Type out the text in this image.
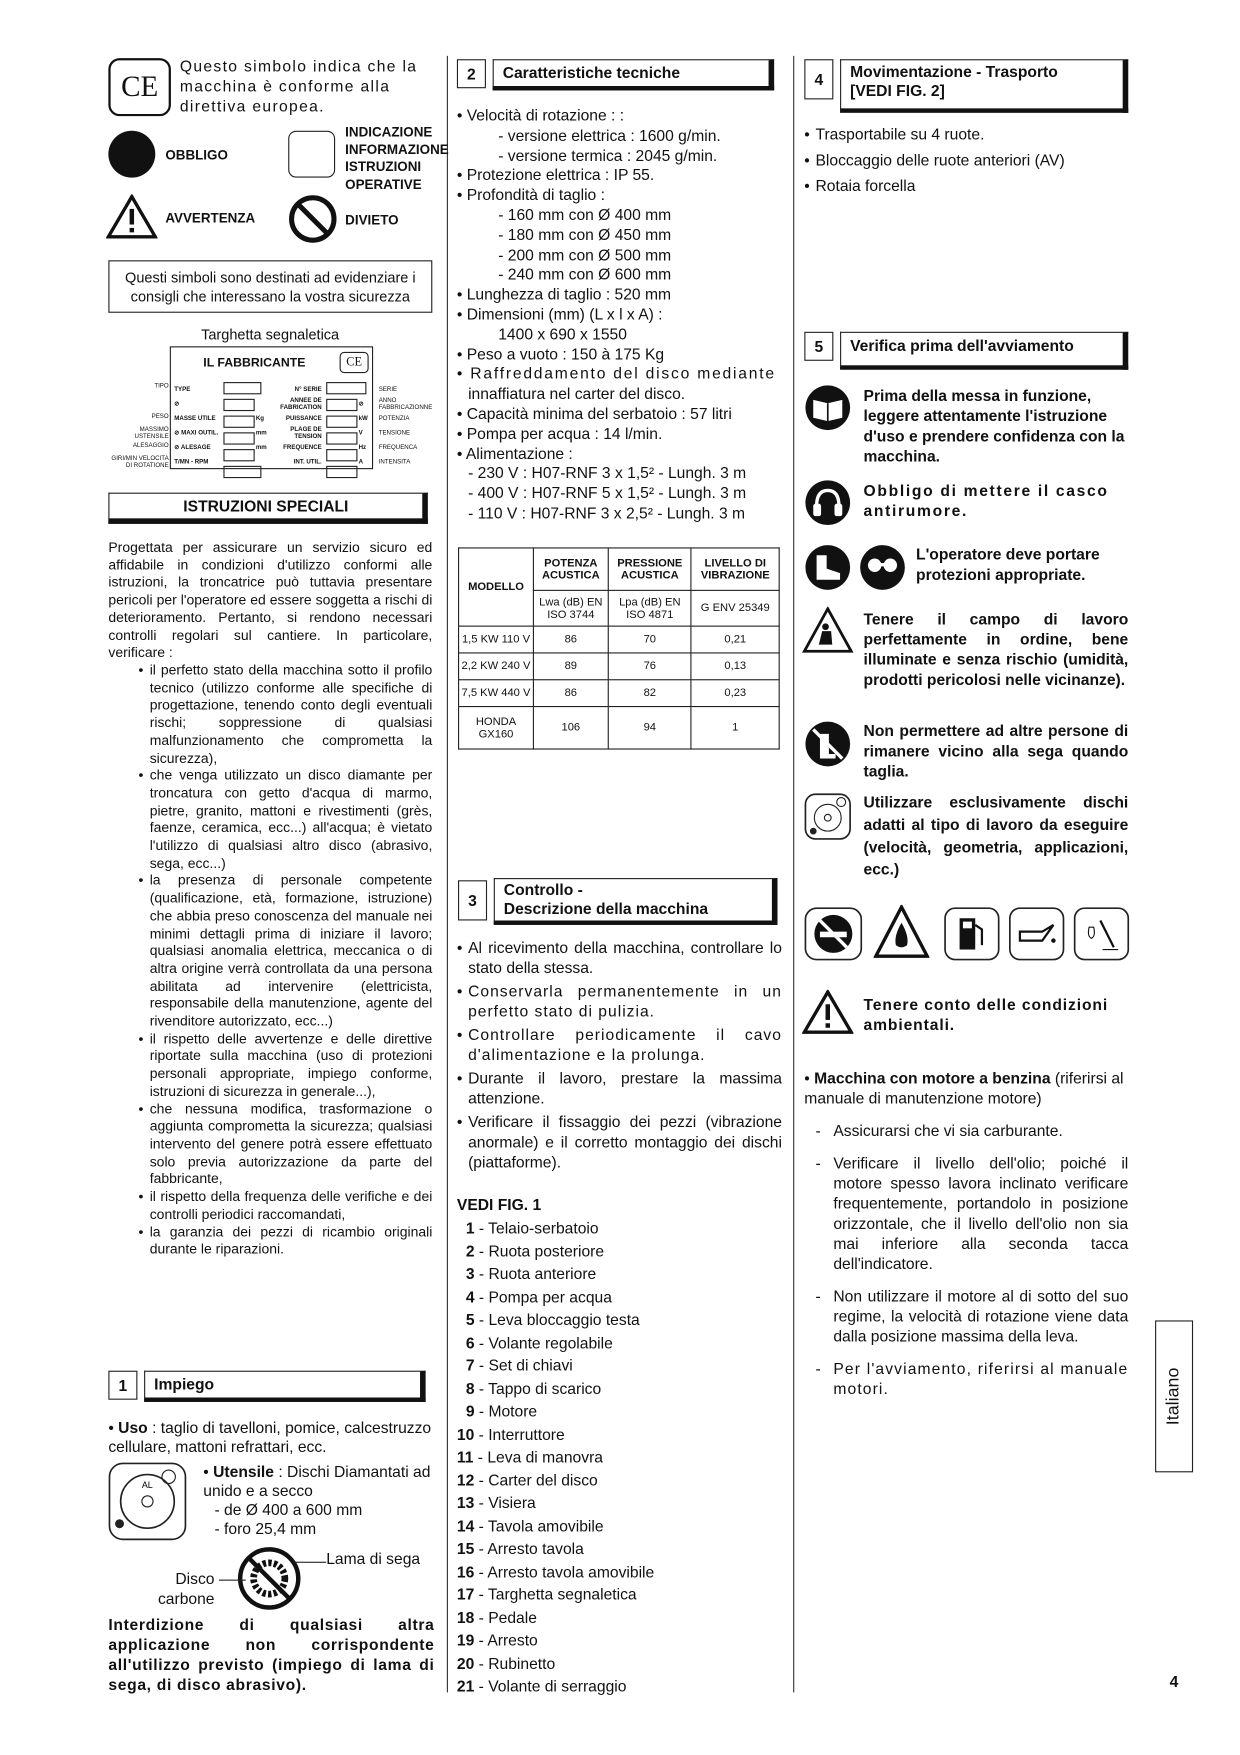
CE

Questo simbolo indica che la macchina è conforme alla direttiva europea.

OBBLIGO
INDICAZIONE
INFORMAZIONE
ISTRUZIONI
OPERATIVE
AVVERTENZA	DIVIETO
Questi simboli sono destinati ad evidenziare i consigli che interessano la vostra sicurezza
Targhetta segnaletica
IL FABBRICANTE	CE
TIPO
PESO
MASSIMO USTENSILE
ALESAGGIO
GIRI/MIN VELOCITA DI ROTATIONE
TYPE
⊘
MASSE UTILE
⊘ MAXI OUTIL.
⊘ ALESAGE
T/MN - RPM
Kg
mm
mm
N° SERIE
ANNEE DE FABRICATION
PUISSANCE
PLAGE DE TENSION
FREQUENCE
INT. UTIL.
⊘
kW
V
Hz
A
SERIE
ANNO FABBRICAZIONNE
POTENZIA
TENSIONE
FREQUENCA
INTENSITA
ISTRUZIONI SPECIALI

Progettata per assicurare un servizio sicuro ed affidabile in condizioni d'utilizzo conformi alle istruzioni, la troncatrice può tuttavia presentare pericoli per l'operatore ed essere soggetta a rischi di deterioramento. Pertanto, si rendono necessari controlli regolari sul cantiere. In particolare, verificare :

• il perfetto stato della macchina sotto il profilo tecnico (utilizzo conforme alle specifiche di progettazione, tenendo conto degli eventuali rischi; soppressione di qualsiasi malfunzionamento che comprometta la sicurezza),
• che venga utilizzato un disco diamante per troncatura con getto d'acqua di marmo, pietre, granito, mattoni e rivestimenti (grès, faenze, ceramica, ecc...) all'acqua; è vietato l'utilizzo di qualsiasi altro disco (abrasivo, sega, ecc...)
• la presenza di personale competente (qualificazione, età, formazione, istruzione) che abbia preso conoscenza del manuale nei minimi dettagli prima di iniziare il lavoro; qualsiasi anomalia elettrica, meccanica o di altra origine verrà controllata da una persona abilitata ad intervenire (elettricista, responsabile della manutenzione, agente del rivenditore autorizzato, ecc...)
• il rispetto delle avvertenze e delle direttive riportate sulla macchina (uso di protezioni personali appropriate, impiego conforme, istruzioni di sicurezza in generale...),
• che nessuna modifica, trasformazione o aggiunta comprometta la sicurezza; qualsiasi intervento del genere potrà essere effettuato solo previa autorizzazione da parte del fabbricante,
• il rispetto della frequenza delle verifiche e dei controlli periodici raccomandati,
• la garanzia dei pezzi di ricambio originali durante le riparazioni.
1	Impiego
• Uso : taglio di tavelloni, pomice, calcestruzzo cellulare, mattoni refrattari, ecc.
AL
• Utensile : Dischi Diamantati ad unido e a secco
- de Ø 400 a 600 mm
- foro 25,4 mm
Lama di sega
Disco carbone

Interdizione di qualsiasi altra applicazione non corrispondente all'utilizzo previsto (impiego di lama di sega, di disco abrasivo).

2	Caratteristiche tecniche
• Velocità di rotazione : :
- versione elettrica : 1600 g/min.
- versione termica : 2045 g/min.
• Protezione elettrica : IP 55.
• Profondità di taglio :
- 160 mm con Ø 400 mm
- 180 mm con Ø 450 mm
- 200 mm con Ø 500 mm
- 240 mm con Ø 600 mm
• Lunghezza di taglio : 520 mm
• Dimensioni (mm) (L x l x A) :
1400 x 690 x 1550
• Peso a vuoto : 150 à 175 Kg
• Raffreddamento del disco mediante
innaffiatura nel carter del disco.
• Capacità minima del serbatoio : 57 litri
• Pompa per acqua : 14 l/min.
• Alimentazione :
- 230 V : H07-RNF 3 x 1,5² - Lungh. 3 m
- 400 V : H07-RNF 5 x 1,5² - Lungh. 3 m
- 110 V : H07-RNF 3 x 2,5² - Lungh. 3 m
MODELLO	POTENZA ACUSTICA	PRESSIONE ACUSTICA	LIVELLO DI VIBRAZIONE
	Lwa (dB) EN ISO 3744	Lpa (dB) EN ISO 4871	G ENV 25349
1,5 KW 110 V	86	70	0,21
2,2 KW 240 V	89	76	0,13
7,5 KW 440 V	86	82	0,23
HONDA GX160	106	94	1
3
Controllo -
Descrizione della macchina
• Al ricevimento della macchina, controllare lo stato della stessa.
• Conservarla permanentemente in un perfetto stato di pulizia.
• Controllare periodicamente il cavo d'alimentazione e la prolunga.
• Durante il lavoro, prestare la massima attenzione.
• Verificare il fissaggio dei pezzi (vibrazione anormale) e il corretto montaggio dei dischi (piattaforme).
VEDI FIG. 1
1 - Telaio-serbatoio
2 - Ruota posteriore
3 - Ruota anteriore
4 - Pompa per acqua
5 - Leva bloccaggio testa
6 - Volante regolabile
7 - Set di chiavi
8 - Tappo di scarico
9 - Motore
10 - Interruttore
11 - Leva di manovra
12 - Carter del disco
13 - Visiera
14 - Tavola amovibile
15 - Arresto tavola
16 - Arresto tavola amovibile
17 - Targhetta segnaletica
18 - Pedale
19 - Arresto
20 - Rubinetto
21 - Volante di serraggio
4	Movimentazione - Trasporto
[VEDI FIG. 2]
• Trasportabile su 4 ruote.
• Bloccaggio delle ruote anteriori (AV)
• Rotaia forcella
5	Verifica prima dell'avviamento

Prima della messa in funzione, leggere attentamente l'istruzione d'uso e prendere confidenza con la macchina.

Obbligo di mettere il casco antirumore.

L'operatore deve portare protezioni appropriate.

Tenere il campo di lavoro perfettamente in ordine, bene illuminate e senza rischio (umidità, prodotti pericolosi nelle vicinanze).

Non permettere ad altre persone di rimanere vicino alla sega quando taglia.

Utilizzare esclusivamente dischi adatti al tipo di lavoro da eseguire (velocità, geometria, applicazioni, ecc.)

Tenere conto delle condizioni ambientali.

• Macchina con motore a benzina (riferirsi al manuale di manutenzione motore)
- Assicurarsi che vi sia carburante.
- Verificare il livello dell'olio; poiché il motore spesso lavora inclinato verificare frequentemente, portandolo in posizione orizzontale, che il livello dell'olio non sia mai inferiore alla seconda tacca dell'indicatore.
- Non utilizzare il motore al di sotto del suo regime, la velocità di rotazione viene data dalla posizione massima della leva.
- Per l'avviamento, riferirsi al manuale motori.	Italiano
4
